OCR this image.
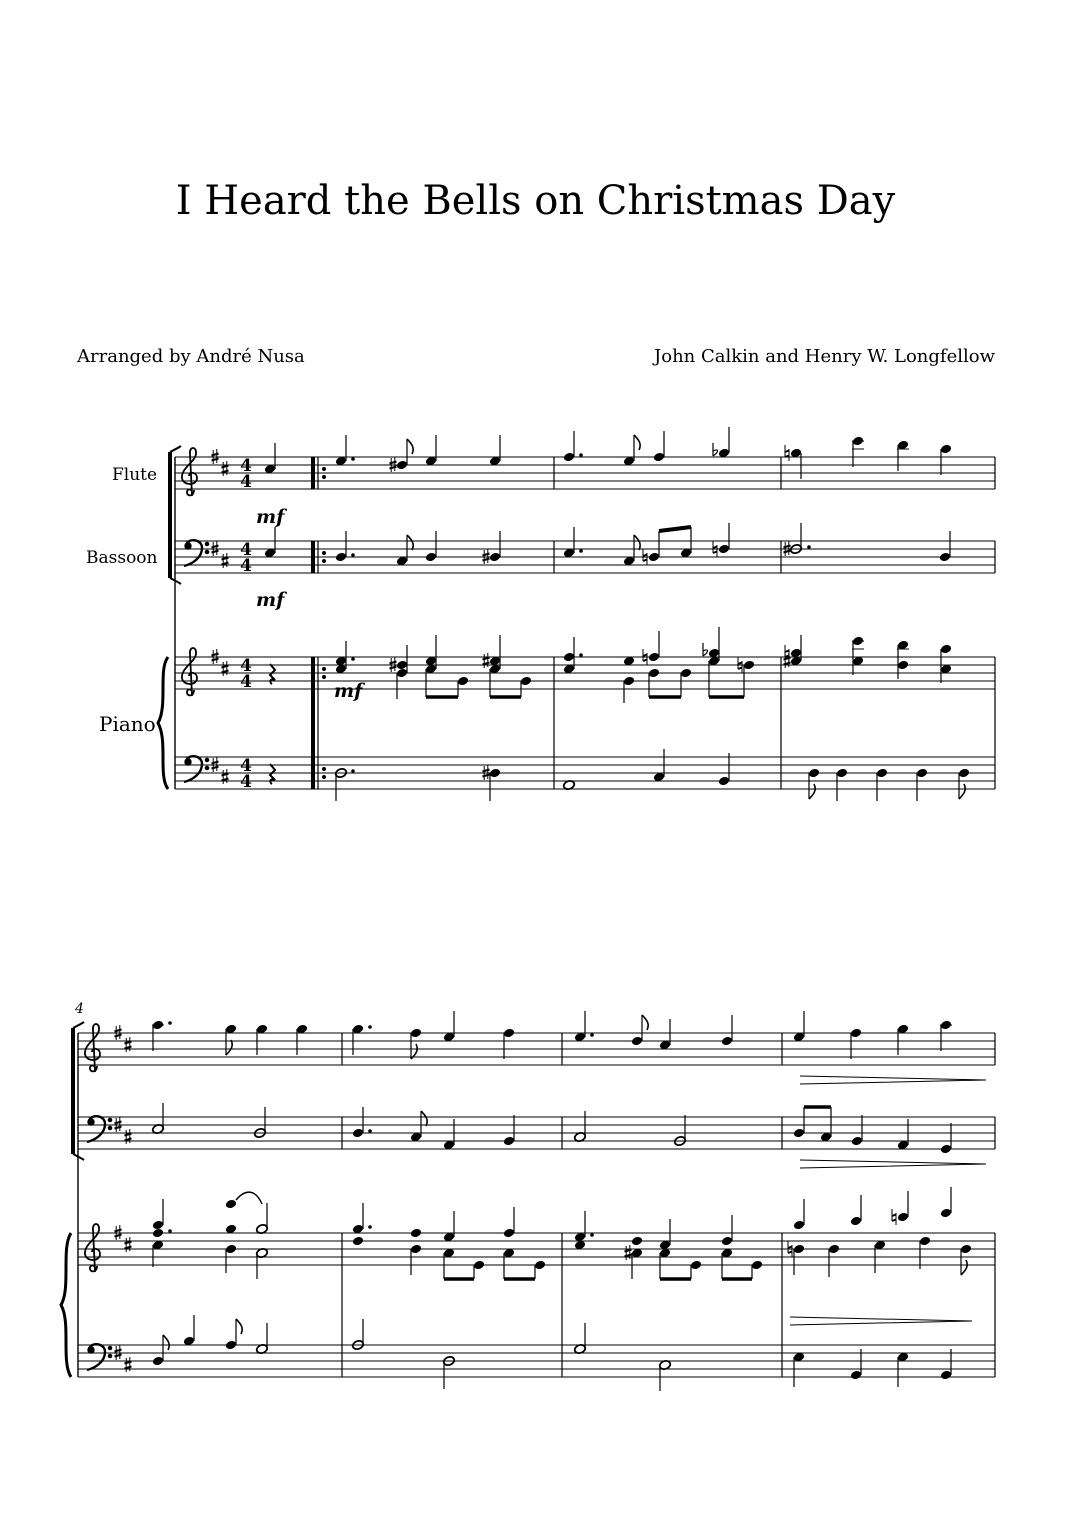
I Heard the Bells on Christmas Day
Arranged by André Nusa	John Calkin and Henry W. Longfellow
Flute
Bassoon
Piano
4
4
4
4
4
4
4
4
mf
mf
mf
4
